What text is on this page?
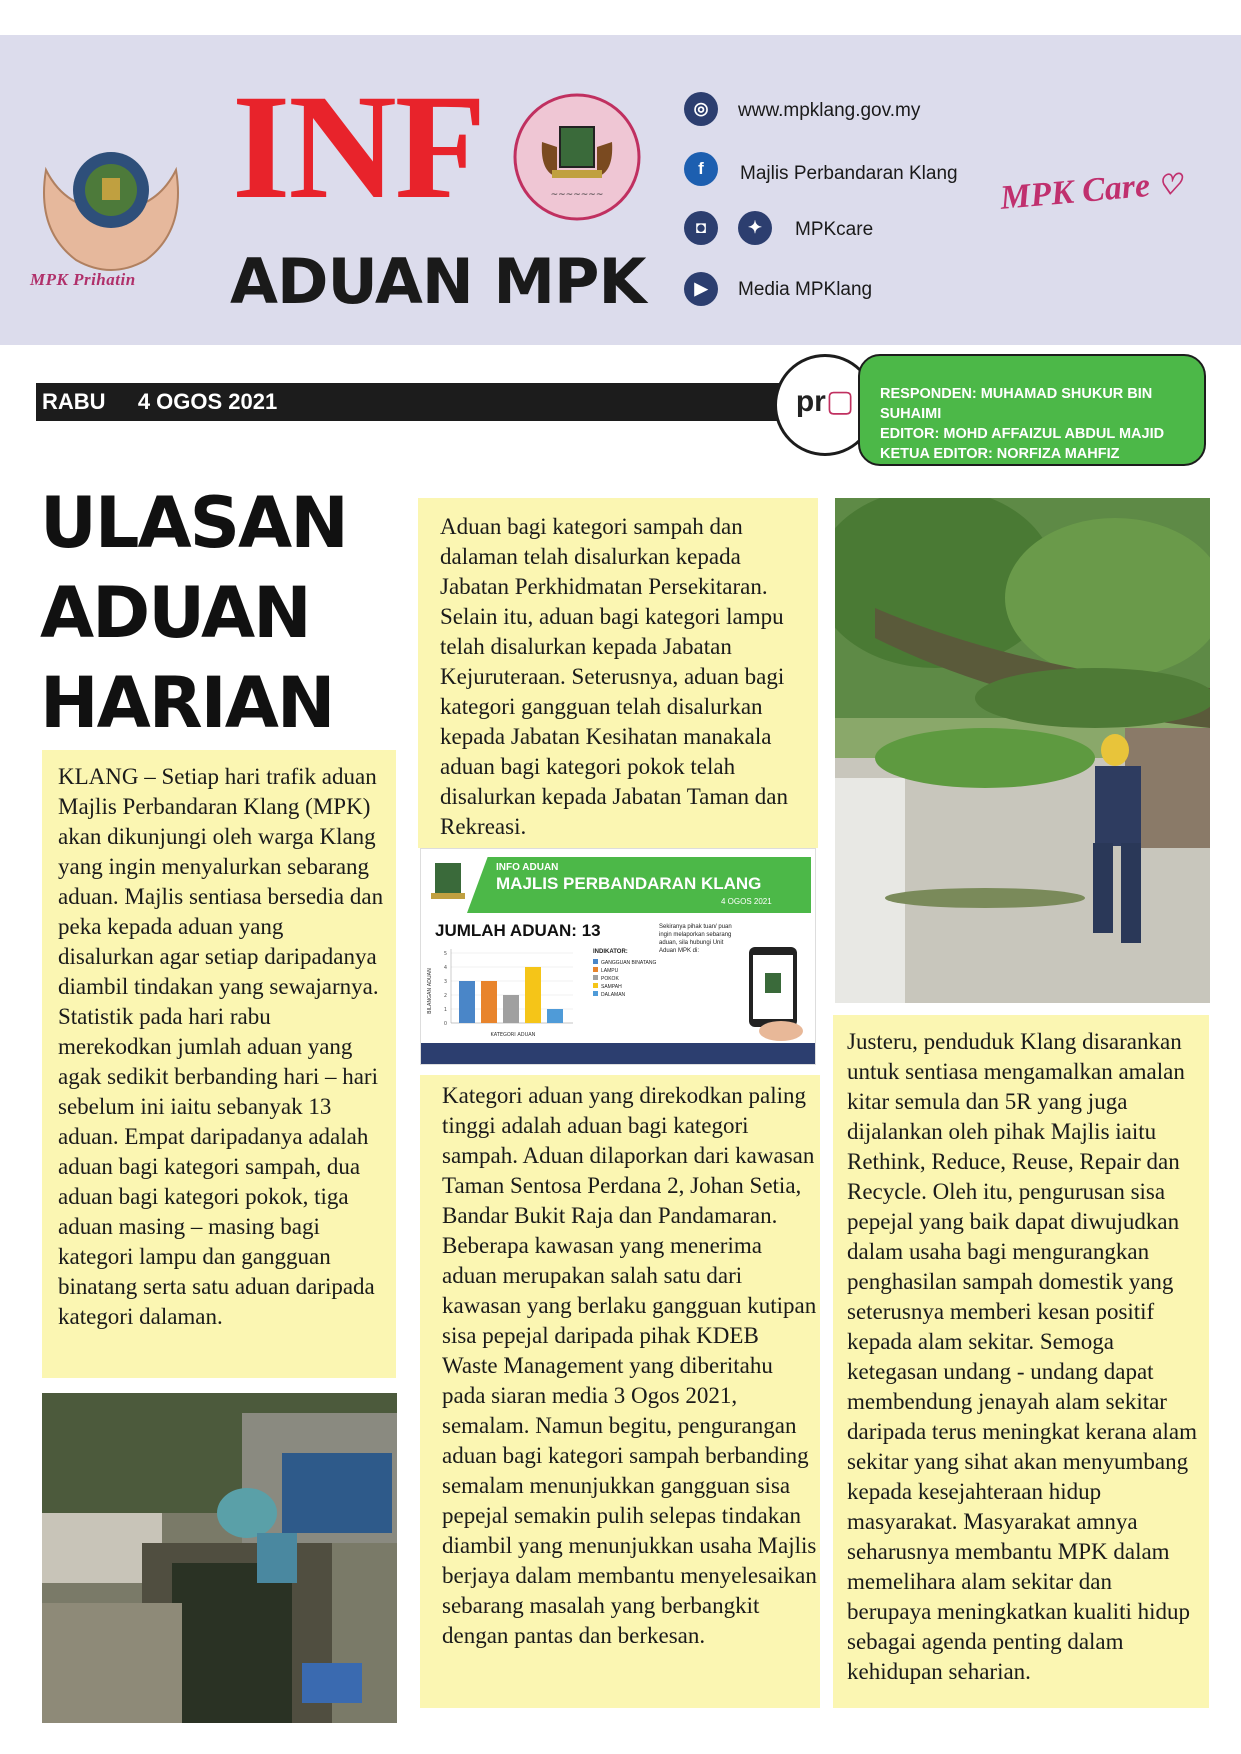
MPK Prihatin
INF	~~~~~~~
ADUAN MPK
◎	www.mpklang.gov.my
f	Majlis Perbandaran Klang
◘	✦	MPKcare
▶	Media MPKlang
MPK Care ♡
RABU 4 OGOS 2021	pr▢	RESPONDEN: MUHAMAD SHUKUR BIN SUHAIMI
EDITOR: MOHD AFFAIZUL ABDUL MAJID
KETUA EDITOR: NORFIZA MAHFIZ
ULASAN
ADUAN
HARIAN
KLANG – Setiap hari trafik aduan Majlis Perbandaran Klang (MPK) akan dikunjungi oleh warga Klang yang ingin menyalurkan sebarang aduan. Majlis sentiasa bersedia dan peka kepada aduan yang disalurkan agar setiap daripadanya diambil tindakan yang sewajarnya. Statistik pada hari rabu merekodkan jumlah aduan yang agak sedikit berbanding hari – hari sebelum ini iaitu sebanyak 13 aduan. Empat daripadanya adalah aduan bagi kategori sampah, dua aduan bagi kategori pokok, tiga aduan masing – masing bagi kategori lampu dan gangguan binatang serta satu aduan daripada kategori dalaman.
Aduan bagi kategori sampah dan dalaman telah disalurkan kepada Jabatan Perkhidmatan Persekitaran. Selain itu, aduan bagi kategori lampu telah disalurkan kepada Jabatan Kejuruteraan. Seterusnya, aduan bagi kategori gangguan telah disalurkan kepada Jabatan Kesihatan manakala aduan bagi kategori pokok telah disalurkan kepada Jabatan Taman dan Rekreasi.
INFO ADUAN
MAJLIS PERBANDARAN KLANG
4 OGOS 2021
JUMLAH ADUAN: 13
BILANGAN ADUAN
KATEGORI ADUAN
0
1
2
3
4
5	INDIKATOR:
GANGGUAN BINATANG
LAMPU
POKOK
SAMPAH
DALAMAN
Sekiranya pihak tuan/ puan ingin melaporkan sebarang aduan, sila hubungi Unit Aduan MPK di:
Kategori aduan yang direkodkan paling tinggi adalah aduan bagi kategori sampah. Aduan dilaporkan dari kawasan Taman Sentosa Perdana 2, Johan Setia, Bandar Bukit Raja dan Pandamaran. Beberapa kawasan yang menerima aduan merupakan salah satu dari kawasan yang berlaku gangguan kutipan sisa pepejal daripada pihak KDEB Waste Management yang diberitahu pada siaran media 3 Ogos 2021, semalam. Namun begitu, pengurangan aduan bagi kategori sampah berbanding semalam menunjukkan gangguan sisa pepejal semakin pulih selepas tindakan diambil yang menunjukkan usaha Majlis berjaya dalam membantu menyelesaikan sebarang masalah yang berbangkit dengan pantas dan berkesan.
Justeru, penduduk Klang disarankan untuk sentiasa mengamalkan amalan kitar semula dan 5R yang juga dijalankan oleh pihak Majlis iaitu Rethink, Reduce, Reuse, Repair dan Recycle. Oleh itu, pengurusan sisa pepejal yang baik dapat diwujudkan dalam usaha bagi mengurangkan penghasilan sampah domestik yang seterusnya memberi kesan positif kepada alam sekitar. Semoga ketegasan undang - undang dapat membendung jenayah alam sekitar daripada terus meningkat kerana alam sekitar yang sihat akan menyumbang kepada kesejahteraan hidup masyarakat. Masyarakat amnya seharusnya membantu MPK dalam memelihara alam sekitar dan berupaya meningkatkan kualiti hidup sebagai agenda penting dalam kehidupan seharian.
